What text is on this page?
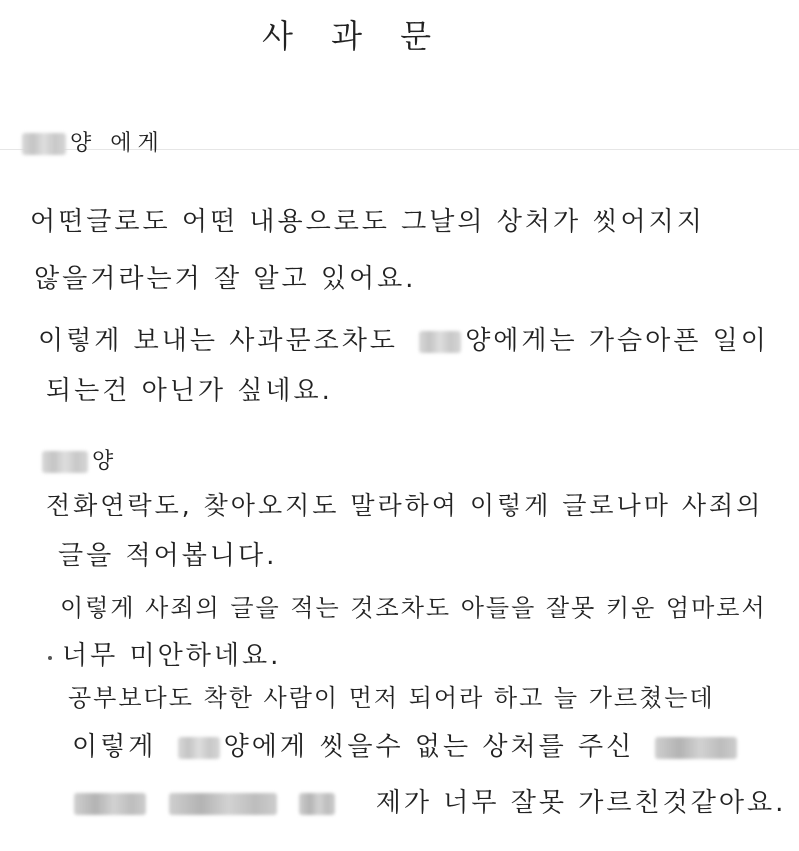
사 과 문
양 에게
어떤글로도 어떤 내용으로도 그날의 상처가 씻어지지
않을거라는거 잘 알고 있어요.
이렇게 보내는 사과문조차도	양에게는 가슴아픈 일이
되는건 아닌가 싶네요.
양
전화연락도, 찾아오지도 말라하여 이렇게 글로나마 사죄의
글을 적어봅니다.
이렇게 사죄의 글을 적는 것조차도 아들을 잘못 키운 엄마로서
너무 미안하네요.
공부보다도 착한 사람이 먼저 되어라 하고 늘 가르쳤는데
이렇게	양에게 씻을수 없는 상처를 주신
제가 너무 잘못 가르친것같아요.
